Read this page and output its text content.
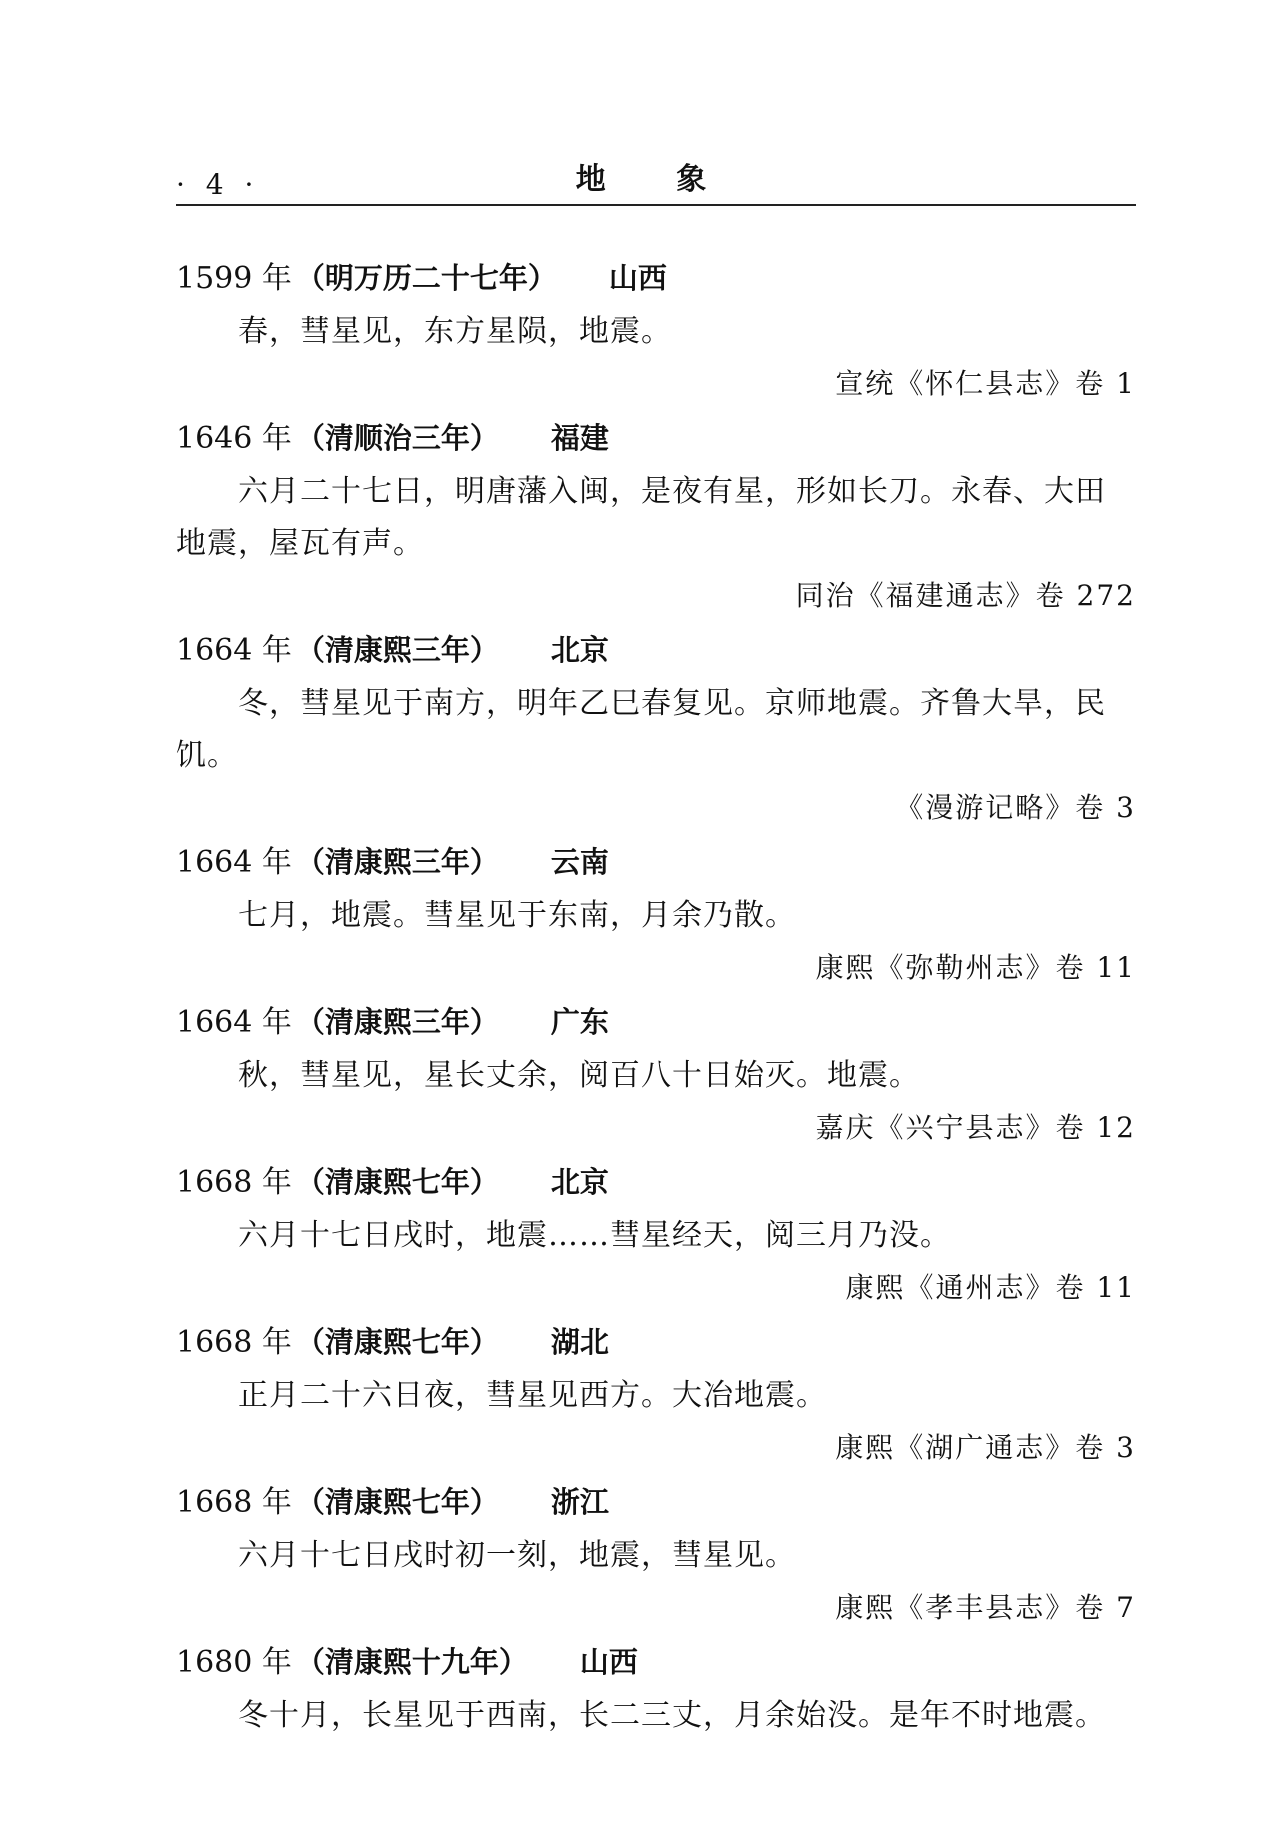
· 4 ·	地 象
1599 年 （明万历二十七年） 山西

春，彗星见，东方星陨，地震。

宣统《怀仁县志》卷 1
1646 年 （清顺治三年） 福建

六月二十七日，明唐藩入闽，是夜有星，形如长刀。永春、大田地震，屋瓦有声。

同治《福建通志》卷 272
1664 年 （清康熙三年） 北京

冬，彗星见于南方，明年乙巳春复见。京师地震。齐鲁大旱，民饥。

《漫游记略》卷 3
1664 年 （清康熙三年） 云南

七月，地震。彗星见于东南，月余乃散。

康熙《弥勒州志》卷 11
1664 年 （清康熙三年） 广东

秋，彗星见，星长丈余，阅百八十日始灭。地震。

嘉庆《兴宁县志》卷 12
1668 年 （清康熙七年） 北京

六月十七日戌时，地震……彗星经天，阅三月乃没。

康熙《通州志》卷 11
1668 年 （清康熙七年） 湖北

正月二十六日夜，彗星见西方。大冶地震。

康熙《湖广通志》卷 3
1668 年 （清康熙七年） 浙江

六月十七日戌时初一刻，地震，彗星见。

康熙《孝丰县志》卷 7
1680 年 （清康熙十九年） 山西

冬十月，长星见于西南，长二三丈，月余始没。是年不时地震。
